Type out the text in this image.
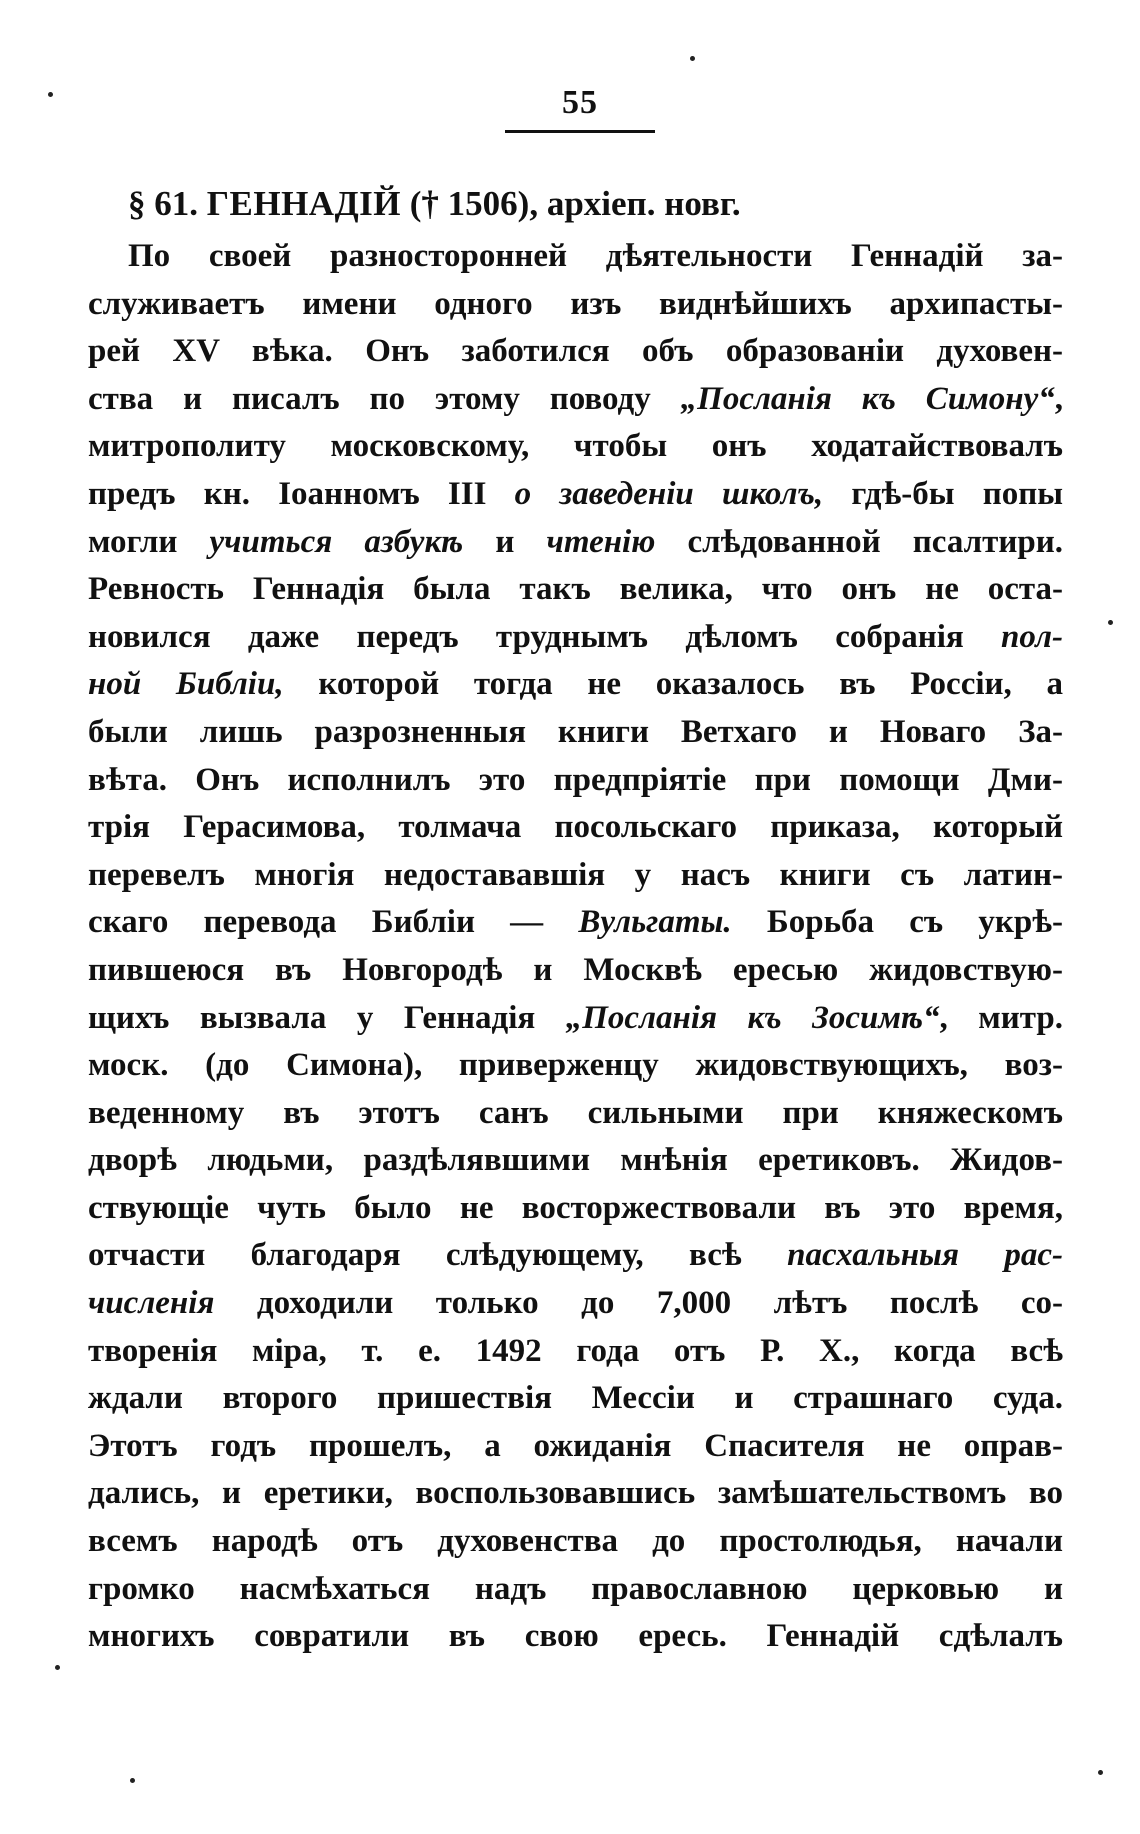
55
§ 61. ГЕННАДІЙ († 1506), архіеп. новг.
По своей разносторонней дѣятельности Геннадій за-
служиваетъ имени одного изъ виднѣйшихъ архипасты-
рей XV вѣка. Онъ заботился объ образованіи духовен-
ства и писалъ по этому поводу „Посланія къ Симону“,
митрополиту московскому, чтобы онъ ходатайствовалъ
предъ кн. Іоанномъ III о заведеніи школъ, гдѣ-бы попы
могли учиться азбукѣ и чтенію слѣдованной псалтири.
Ревность Геннадія была такъ велика, что онъ не оста-
новился даже передъ труднымъ дѣломъ собранія пол-
ной Библіи, которой тогда не оказалось въ Россіи, а
были лишь разрозненныя книги Ветхаго и Новаго За-
вѣта. Онъ исполнилъ это предпріятіе при помощи Дми-
трія Герасимова, толмача посольскаго приказа, который
перевелъ многія недостававшія у насъ книги съ латин-
скаго перевода Библіи — Вульгаты. Борьба съ укрѣ-
пившеюся въ Новгородѣ и Москвѣ ересью жидовствую-
щихъ вызвала у Геннадія „Посланія къ Зосимѣ“, митр.
моск. (до Симона), приверженцу жидовствующихъ, воз-
веденному въ этотъ санъ сильными при княжескомъ
дворѣ людьми, раздѣлявшими мнѣнія еретиковъ. Жидов-
ствующіе чуть было не восторжествовали въ это время,
отчасти благодаря слѣдующему, всѣ пасхальныя рас-
численія доходили только до 7,000 лѣтъ послѣ со-
творенія міра, т. е. 1492 года отъ Р. Х., когда всѣ
ждали второго пришествія Мессіи и страшнаго суда.
Этотъ годъ прошелъ, а ожиданія Спасителя не оправ-
дались, и еретики, воспользовавшись замѣшательствомъ во
всемъ народѣ отъ духовенства до простолюдья, начали
громко насмѣхаться надъ православною церковью и
многихъ совратили въ свою ересь. Геннадій сдѣлалъ
